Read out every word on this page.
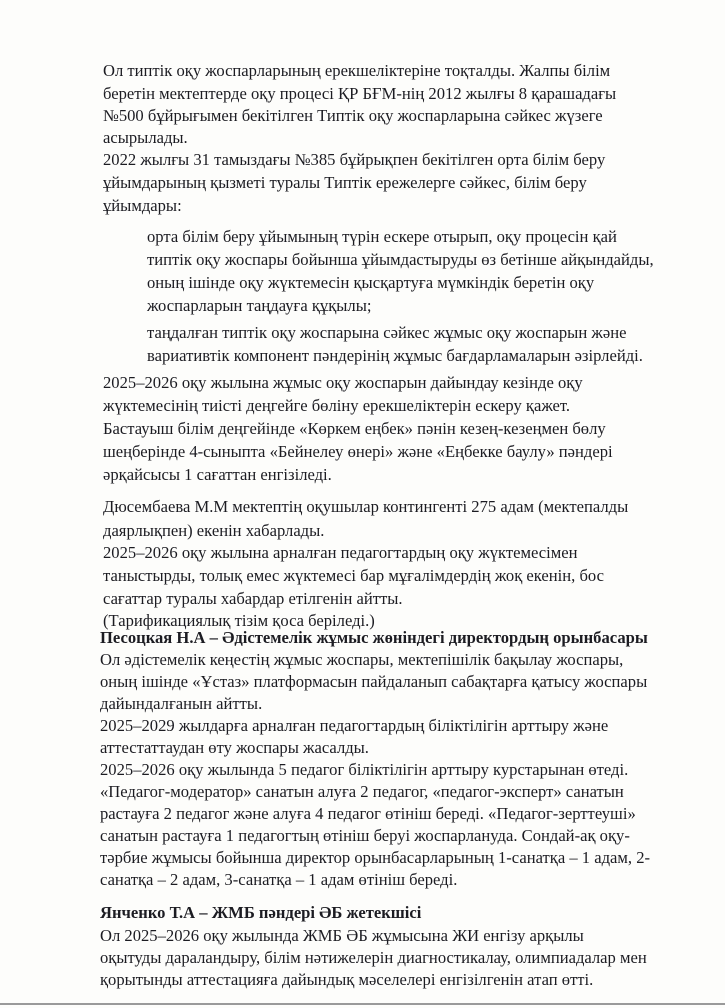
Ол типтік оқу жоспарларының ерекшеліктеріне тоқталды. Жалпы білім
беретін мектептерде оқу процесі ҚР БҒМ-нің 2012 жылғы 8 қарашадағы
№500 бұйрығымен бекітілген Типтік оқу жоспарларына сәйкес жүзеге
асырылады.
2022 жылғы 31 тамыздағы №385 бұйрықпен бекітілген орта білім беру
ұйымдарының қызметі туралы Типтік ережелерге сәйкес, білім беру
ұйымдары:
орта білім беру ұйымының түрін ескере отырып, оқу процесін қай
типтік оқу жоспары бойынша ұйымдастыруды өз бетінше айқындайды,
оның ішінде оқу жүктемесін қысқартуға мүмкіндік беретін оқу
жоспарларын таңдауға құқылы;
таңдалған типтік оқу жоспарына сәйкес жұмыс оқу жоспарын және
вариативтік компонент пәндерінің жұмыс бағдарламаларын әзірлейді.
2025–2026 оқу жылына жұмыс оқу жоспарын дайындау кезінде оқу
жүктемесінің тиісті деңгейге бөліну ерекшеліктерін ескеру қажет.
Бастауыш білім деңгейінде «Көркем еңбек» пәнін кезең-кезеңмен бөлу
шеңберінде 4-сыныпта «Бейнелеу өнері» және «Еңбекке баулу» пәндері
әрқайсысы 1 сағаттан енгізіледі.
Дюсембаева М.М мектептің оқушылар контингенті 275 адам (мектепалды
даярлықпен) екенін хабарлады.
2025–2026 оқу жылына арналған педагогтардың оқу жүктемесімен
таныстырды, толық емес жүктемесі бар мұғалімдердің жоқ екенін, бос
сағаттар туралы хабардар етілгенін айтты.
(Тарификациялық тізім қоса беріледі.)
Песоцкая Н.А – Әдістемелік жұмыс жөніндегі директордың орынбасары
Ол әдістемелік кеңестің жұмыс жоспары, мектепішілік бақылау жоспары,
оның ішінде «Ұстаз» платформасын пайдаланып сабақтарға қатысу жоспары
дайындалғанын айтты.
2025–2029 жылдарға арналған педагогтардың біліктілігін арттыру және
аттестаттаудан өту жоспары жасалды.
2025–2026 оқу жылында 5 педагог біліктілігін арттыру курстарынан өтеді.
«Педагог-модератор» санатын алуға 2 педагог, «педагог-эксперт» санатын
растауға 2 педагог және алуға 4 педагог өтініш береді. «Педагог-зерттеуші»
санатын растауға 1 педагогтың өтініш беруі жоспарлануда. Сондай-ақ оқу-
тәрбие жұмысы бойынша директор орынбасарларының 1-санатқа – 1 адам, 2-
санатқа – 2 адам, 3-санатқа – 1 адам өтініш береді.
Янченко Т.А – ЖМБ пәндері ӘБ жетекшісі
Ол 2025–2026 оқу жылында ЖМБ ӘБ жұмысына ЖИ енгізу арқылы
оқытуды дараландыру, білім нәтижелерін диагностикалау, олимпиадалар мен
қорытынды аттестацияға дайындық мәселелері енгізілгенін атап өтті.
